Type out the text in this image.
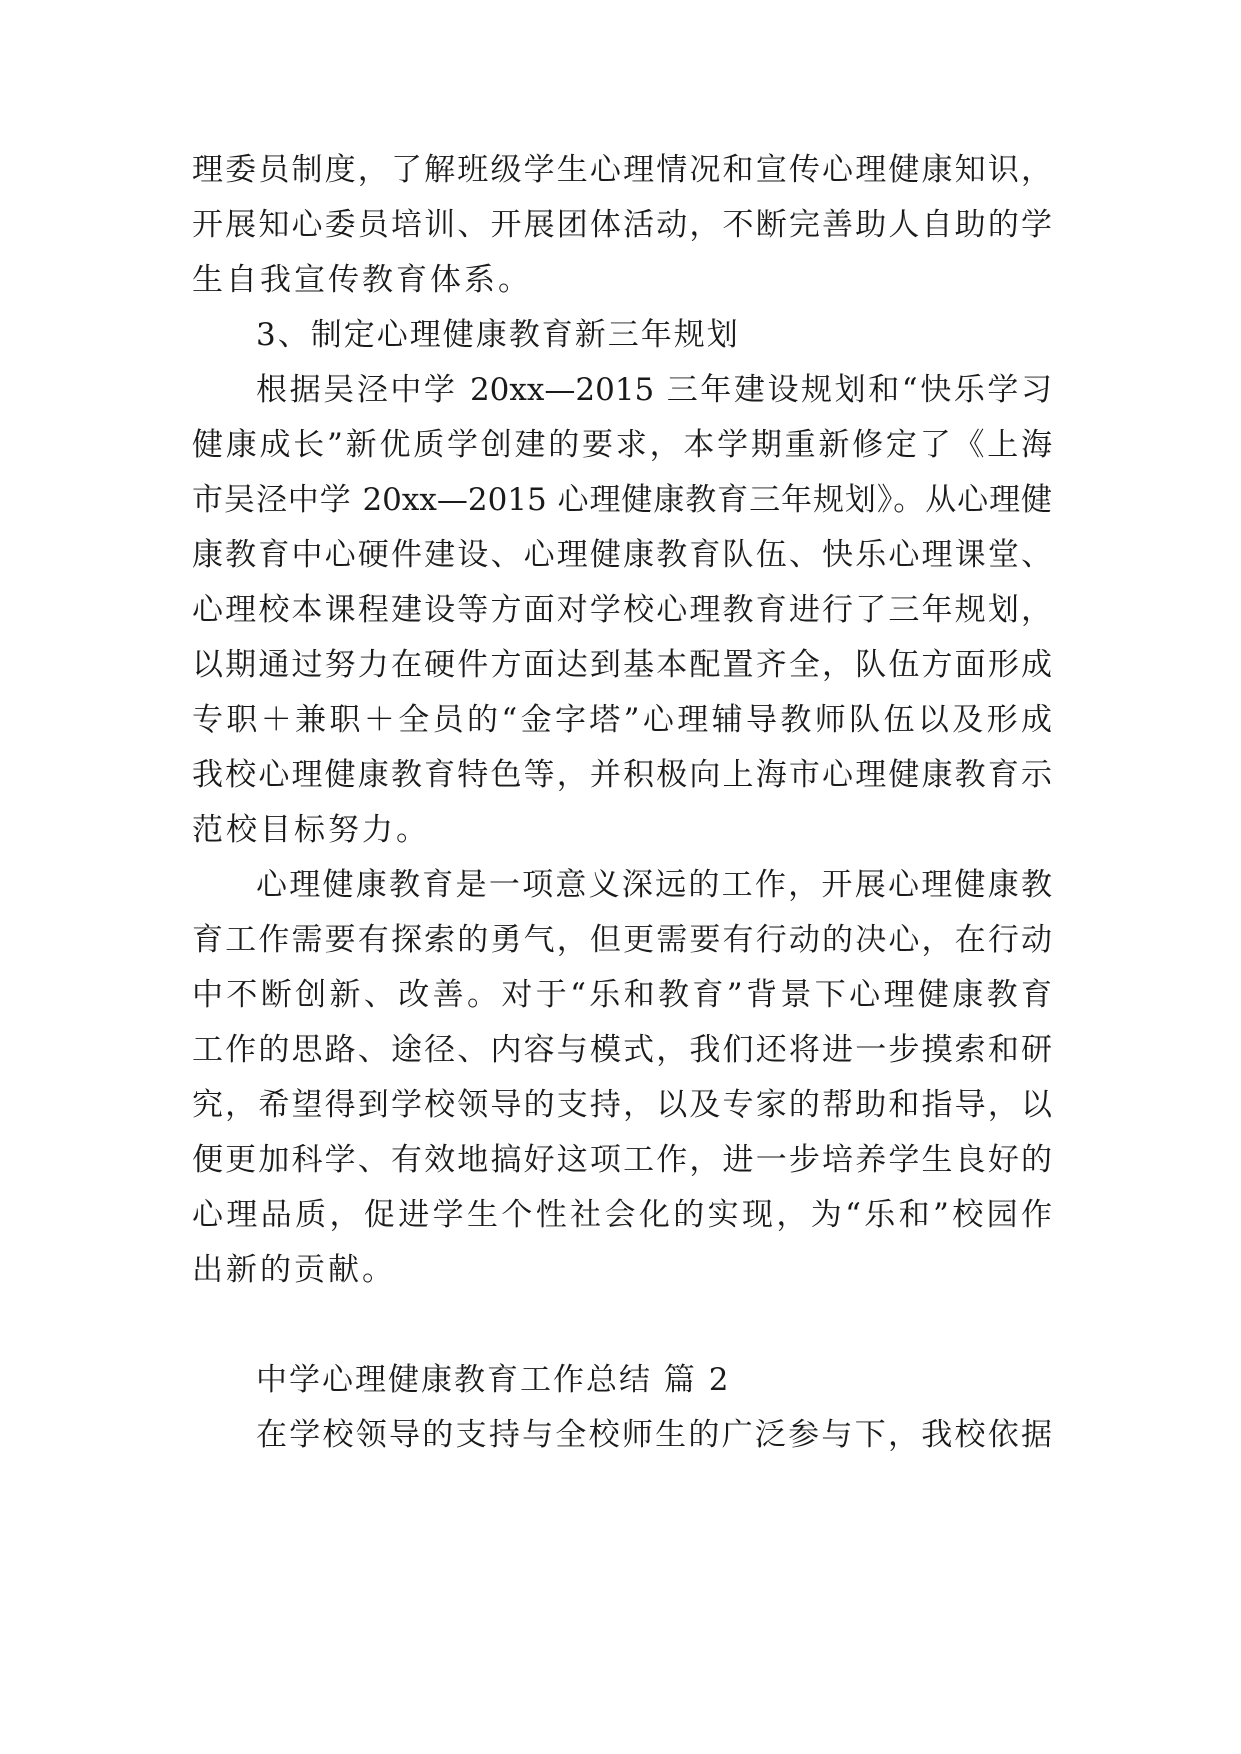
理委员制度，了解班级学生心理情况和宣传心理健康知识，
开展知心委员培训、开展团体活动，不断完善助人自助的学
生自我宣传教育体系。
3、制定心理健康教育新三年规划
根据吴泾中学 20xx—2015 三年建设规划和“快乐学习
健康成长”新优质学创建的要求，本学期重新修定了《上海
市吴泾中学 20xx—2015 心理健康教育三年规划》。从心理健
康教育中心硬件建设、心理健康教育队伍、快乐心理课堂、
心理校本课程建设等方面对学校心理教育进行了三年规划，
以期通过努力在硬件方面达到基本配置齐全，队伍方面形成
专职＋兼职＋全员的“金字塔”心理辅导教师队伍以及形成
我校心理健康教育特色等，并积极向上海市心理健康教育示
范校目标努力。
心理健康教育是一项意义深远的工作，开展心理健康教
育工作需要有探索的勇气，但更需要有行动的决心，在行动
中不断创新、改善。对于“乐和教育”背景下心理健康教育
工作的思路、途径、内容与模式，我们还将进一步摸索和研
究，希望得到学校领导的支持，以及专家的帮助和指导，以
便更加科学、有效地搞好这项工作，进一步培养学生良好的
心理品质，促进学生个性社会化的实现，为“乐和”校园作
出新的贡献。
中学心理健康教育工作总结 篇 2
在学校领导的支持与全校师生的广泛参与下，我校依据
